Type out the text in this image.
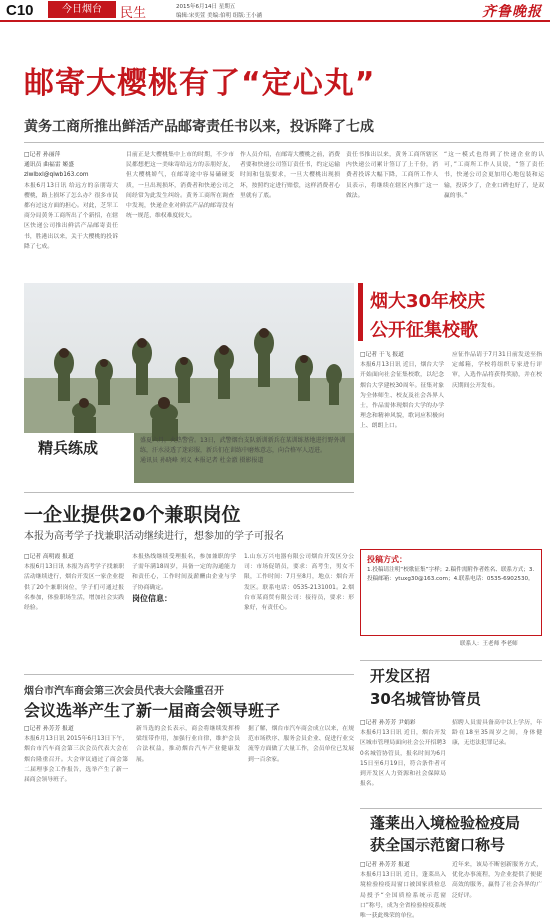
C10	今日烟台	民生	2015年6月14日 星期五
编辑:宋奕萱 美编:伯明 组版:王小涵	齐鲁晚报
邮寄大樱桃有了“定心丸”
黄务工商所推出鲜活产品邮寄责任书以来，投诉降了七成
□记者 孙丽萍
通讯员 曲福雷 姬盛
zlwlbxl@qlwb163.com
本报6月13日讯 给远方的亲朋寄大樱桃，路上损坏了怎么办？很多市民都有过这方面的担心。对此，芝罘工商分局黄务工商所出了个新招，在辖区快递公司推出鲜活产品邮寄责任书，胜港出以来，关于大樱桃的投诉降了七成。
目前正是大樱桃集中上市的时期，不少市民都想把这一美味寄给远方的亲朋好友，但大樱桃娇气，在邮寄途中容易磕碰变质，一旦出现损坏，消费者和快递公司之间经常为此发生纠纷。黄务工商所在调查中发现，快递企业对鲜活产品的邮寄没有统一规范，维权难度较大。
作人员介绍，在邮寄大樱桃之前，消费者要和快递公司签订责任书，约定运输时间和包装要求，一旦大樱桃出现损坏，按照约定进行赔偿，这样消费者心里就有了底。
责任书推出以来，黄务工商所辖区内快递公司累计签订了上千份，消费者投诉大幅下降，工商所工作人员表示，将继续在辖区内推广这一做法。
“这一模式也得到了快递企业的认可，”工商所工作人员说，“签了责任书，快递公司会更加用心地包装和运输，投诉少了，企业口碑也好了，是双赢的事。”
精兵练成	盛夏六月，火热警营。13日，武警烟台支队新训新兵在某训练基地进行野外训练，汗水浸透了迷彩服，新兵们在训练中磨炼意志，向合格军人迈进。
通讯员 孙晓峰 刘义 本报记者 杜金澈 摄影报道
烟大30年校庆
公开征集校歌
□记者 于飞 报道
本报6月13日讯 近日，烟台大学开始面向社会征集校歌，以纪念烟台大学建校30周年。征集对象为全体师生、校友及社会各界人士，作品需体现烟台大学的办学理念和精神风貌，歌词应积极向上、朗朗上口。
应征作品请于7月31日前发送至指定邮箱，学校将组织专家进行评审，入选作品将获得奖励，并在校庆期间公开发布。
一企业提供20个兼职岗位
本报为高考学子找兼职活动继续进行，想参加的学子可报名
□记者 高明霞 报道
本报6月13日讯 本报为高考学子找兼职活动继续进行，烟台开发区一家企业提供了20个兼职岗位，学子们可通过报名参加，体验职场生活，增加社会实践经验。
本报热线继续受理报名，参加兼职的学子需年满18周岁，具备一定的沟通能力和责任心，工作时间及薪酬由企业与学子协商确定。
岗位信息：
1.山东万兴电器有限公司烟台开发区分公司：市场促销员，要求：高考生，男女不限，工作时间：7月至8月，地点：烟台开发区。联系电话：0535-2131001。2.烟台市某商贸有限公司：接待员，要求：形象好，有责任心。
投稿方式：
1.投稿请注明“校歌征集”字样；2.稿件需附作者姓名、联系方式；3.投稿邮箱：ytuxg30@163.com；4.联系电话：0535-6902530。
联系人：王老师 李老师
烟台市汽车商会第三次会员代表大会隆重召开
会议选举产生了新一届商会领导班子
□记者 孙芳芳 报道
本报6月13日讯 2015年6月13日下午，烟台市汽车商会第三次会员代表大会在烟台隆重召开。大会审议通过了商会第二届理事会工作报告，选举产生了新一届商会领导班子。
新当选的会长表示，商会将继续发挥桥梁纽带作用，加强行业自律，维护会员合法权益，推动烟台汽车产业健康发展。
据了解，烟台市汽车商会成立以来，在规范市场秩序、服务会员企业、促进行业交流等方面做了大量工作，会员单位已发展到一百余家。
开发区招
30名城管协管员
□记者 孙芳芳 尹娟彩
本报6月13日讯 近日，烟台开发区城市管理局面向社会公开招聘30名城管协管员，报名时间为6月15日至6月19日，符合条件者可到开发区人力资源和社会保障局报名。
招聘人员需具备高中以上学历，年龄在18至35周岁之间，身体健康，无违法犯罪记录。
蓬莱出入境检验检疫局
获全国示范窗口称号
□记者 孙芳芳 报道
本报6月13日讯 近日，蓬莱出入境检验检疫局窗口被国家质检总局授予“全国质检系统示范窗口”称号，成为全省检验检疫系统唯一获此殊荣的单位。
近年来，该局不断创新服务方式，优化办事流程，为企业提供了便捷高效的服务，赢得了社会各界的广泛好评。
